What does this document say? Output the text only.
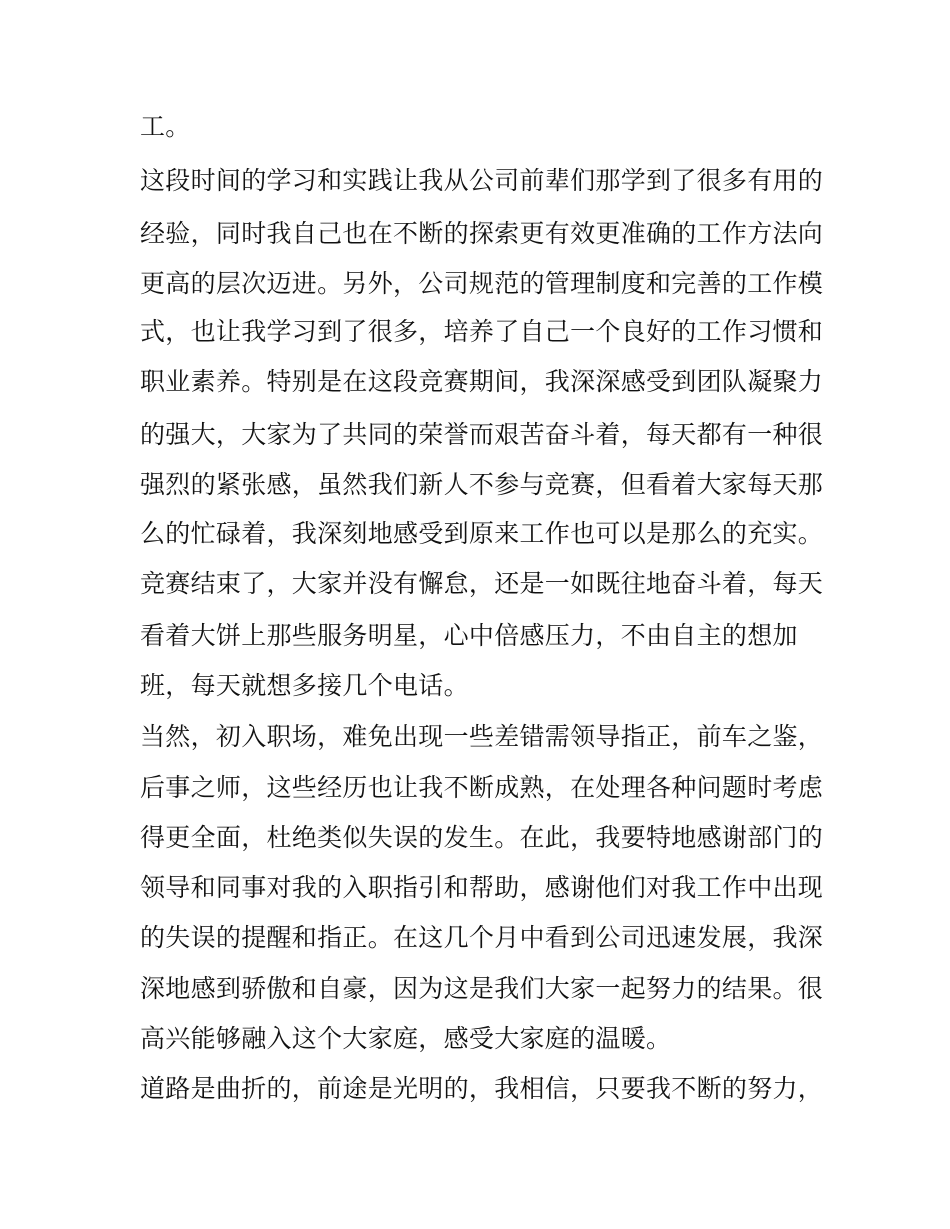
工。
这段时间的学习和实践让我从公司前辈们那学到了很多有用的
经验，同时我自己也在不断的探索更有效更准确的工作方法向
更高的层次迈进。另外，公司规范的管理制度和完善的工作模
式，也让我学习到了很多，培养了自己一个良好的工作习惯和
职业素养。特别是在这段竞赛期间，我深深感受到团队凝聚力
的强大，大家为了共同的荣誉而艰苦奋斗着，每天都有一种很
强烈的紧张感，虽然我们新人不参与竞赛，但看着大家每天那
么的忙碌着，我深刻地感受到原来工作也可以是那么的充实。
竞赛结束了，大家并没有懈怠，还是一如既往地奋斗着，每天
看着大饼上那些服务明星，心中倍感压力，不由自主的想加
班，每天就想多接几个电话。
当然，初入职场，难免出现一些差错需领导指正，前车之鉴，
后事之师，这些经历也让我不断成熟，在处理各种问题时考虑
得更全面，杜绝类似失误的发生。在此，我要特地感谢部门的
领导和同事对我的入职指引和帮助，感谢他们对我工作中出现
的失误的提醒和指正。在这几个月中看到公司迅速发展，我深
深地感到骄傲和自豪，因为这是我们大家一起努力的结果。很
高兴能够融入这个大家庭，感受大家庭的温暖。
道路是曲折的，前途是光明的，我相信，只要我不断的努力，
